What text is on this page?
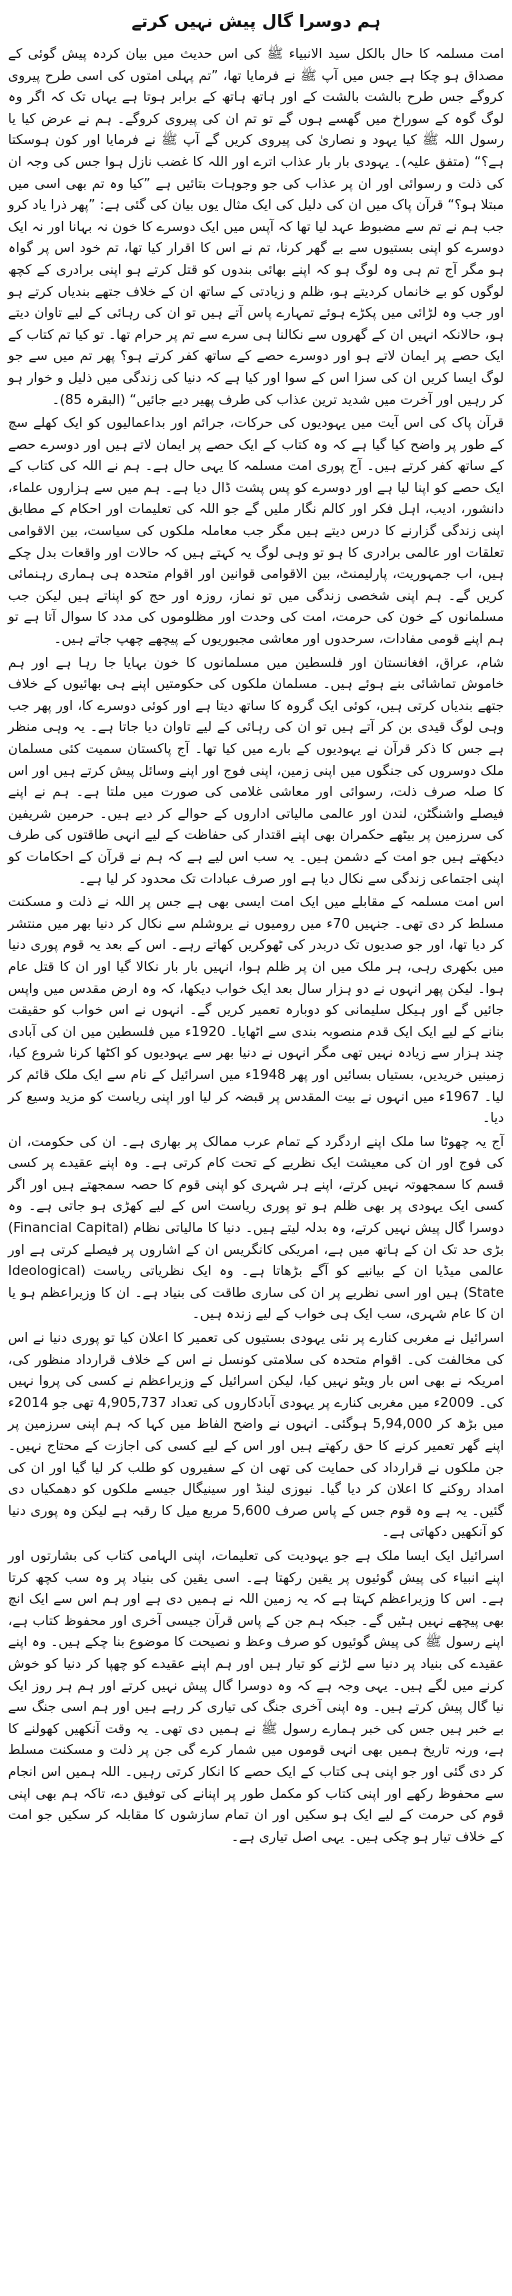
ہم دوسرا گال پیش نہیں کرتے

امت مسلمہ کا حال بالکل سید الانبیاء ﷺ کی اس حدیث میں بیان کردہ پیش گوئی کے مصداق ہو چکا ہے جس میں آپ ﷺ نے فرمایا تھا، ”تم پہلی امتوں کی اسی طرح پیروی کروگے جس طرح بالشت بالشت کے اور ہاتھ ہاتھ کے برابر ہوتا ہے یہاں تک کہ اگر وہ لوگ گوہ کے سوراخ میں گھسے ہوں گے تو تم ان کی پیروی کروگے۔ ہم نے عرض کیا یا رسول اللہ ﷺ کیا یہود و نصاریٰ کی پیروی کریں گے آپ ﷺ نے فرمایا اور کون ہوسکتا ہے؟“ (متفق علیہ)۔ یہودی بار بار عذاب اترے اور اللہ کا غضب نازل ہوا جس کی وجہ ان کی ذلت و رسوائی اور ان پر عذاب کی جو وجوہات بتائیں ہے ”کیا وہ تم بھی اسی میں مبتلا ہو؟“ قرآن پاک میں ان کی دلیل کی ایک مثال یوں بیان کی گئی ہے: ”پھر ذرا یاد کرو جب ہم نے تم سے مضبوط عہد لیا تھا کہ آپس میں ایک دوسرے کا خون نہ بہانا اور نہ ایک دوسرے کو اپنی بستیوں سے بے گھر کرنا، تم نے اس کا اقرار کیا تھا، تم خود اس پر گواہ ہو مگر آج تم ہی وہ لوگ ہو کہ اپنے بھائی بندوں کو قتل کرتے ہو اپنی برادری کے کچھ لوگوں کو بے خانماں کردیتے ہو، ظلم و زیادتی کے ساتھ ان کے خلاف جتھے بندیاں کرتے ہو اور جب وہ لڑائی میں پکڑے ہوئے تمہارے پاس آتے ہیں تو ان کی رہائی کے لیے تاوان دیتے ہو، حالانکہ انہیں ان کے گھروں سے نکالنا ہی سرے سے تم پر حرام تھا۔ تو کیا تم کتاب کے ایک حصے پر ایمان لاتے ہو اور دوسرے حصے کے ساتھ کفر کرتے ہو؟ پھر تم میں سے جو لوگ ایسا کریں ان کی سزا اس کے سوا اور کیا ہے کہ دنیا کی زندگی میں ذلیل و خوار ہو کر رہیں اور آخرت میں شدید ترین عذاب کی طرف پھیر دیے جائیں“ (البقرہ 85)۔

قرآن پاک کی اس آیت میں یہودیوں کی حرکات، جرائم اور بداعمالیوں کو ایک کھلے سچ کے طور پر واضح کیا گیا ہے کہ وہ کتاب کے ایک حصے پر ایمان لاتے ہیں اور دوسرے حصے کے ساتھ کفر کرتے ہیں۔ آج پوری امت مسلمہ کا یہی حال ہے۔ ہم نے اللہ کی کتاب کے ایک حصے کو اپنا لیا ہے اور دوسرے کو پس پشت ڈال دیا ہے۔ ہم میں سے ہزاروں علماء، دانشور، ادیب، اہل فکر اور کالم نگار ملیں گے جو اللہ کی تعلیمات اور احکام کے مطابق اپنی زندگی گزارنے کا درس دیتے ہیں مگر جب معاملہ ملکوں کی سیاست، بین الاقوامی تعلقات اور عالمی برادری کا ہو تو وہی لوگ یہ کہتے ہیں کہ حالات اور واقعات بدل چکے ہیں، اب جمہوریت، پارلیمنٹ، بین الاقوامی قوانین اور اقوام متحدہ ہی ہماری رہنمائی کریں گے۔ ہم اپنی شخصی زندگی میں تو نماز، روزہ اور حج کو اپناتے ہیں لیکن جب مسلمانوں کے خون کی حرمت، امت کی وحدت اور مظلوموں کی مدد کا سوال آتا ہے تو ہم اپنے قومی مفادات، سرحدوں اور معاشی مجبوریوں کے پیچھے چھپ جاتے ہیں۔

شام، عراق، افغانستان اور فلسطین میں مسلمانوں کا خون بہایا جا رہا ہے اور ہم خاموش تماشائی بنے ہوئے ہیں۔ مسلمان ملکوں کی حکومتیں اپنے ہی بھائیوں کے خلاف جتھے بندیاں کرتی ہیں، کوئی ایک گروہ کا ساتھ دیتا ہے اور کوئی دوسرے کا، اور پھر جب وہی لوگ قیدی بن کر آتے ہیں تو ان کی رہائی کے لیے تاوان دیا جاتا ہے۔ یہ وہی منظر ہے جس کا ذکر قرآن نے یہودیوں کے بارے میں کیا تھا۔ آج پاکستان سمیت کئی مسلمان ملک دوسروں کی جنگوں میں اپنی زمین، اپنی فوج اور اپنے وسائل پیش کرتے ہیں اور اس کا صلہ صرف ذلت، رسوائی اور معاشی غلامی کی صورت میں ملتا ہے۔ ہم نے اپنے فیصلے واشنگٹن، لندن اور عالمی مالیاتی اداروں کے حوالے کر دیے ہیں۔ حرمین شریفین کی سرزمین پر بیٹھے حکمران بھی اپنے اقتدار کی حفاظت کے لیے انہی طاقتوں کی طرف دیکھتے ہیں جو امت کے دشمن ہیں۔ یہ سب اس لیے ہے کہ ہم نے قرآن کے احکامات کو اپنی اجتماعی زندگی سے نکال دیا ہے اور صرف عبادات تک محدود کر لیا ہے۔

اس امت مسلمہ کے مقابلے میں ایک امت ایسی بھی ہے جس پر اللہ نے ذلت و مسکنت مسلط کر دی تھی۔ جنہیں 70ء میں رومیوں نے یروشلم سے نکال کر دنیا بھر میں منتشر کر دیا تھا، اور جو صدیوں تک دربدر کی ٹھوکریں کھاتے رہے۔ اس کے بعد یہ قوم پوری دنیا میں بکھری رہی، ہر ملک میں ان پر ظلم ہوا، انہیں بار بار نکالا گیا اور ان کا قتل عام ہوا۔ لیکن پھر انہوں نے دو ہزار سال بعد ایک خواب دیکھا، کہ وہ ارض مقدس میں واپس جائیں گے اور ہیکل سلیمانی کو دوبارہ تعمیر کریں گے۔ انہوں نے اس خواب کو حقیقت بنانے کے لیے ایک ایک قدم منصوبہ بندی سے اٹھایا۔ 1920ء میں فلسطین میں ان کی آبادی چند ہزار سے زیادہ نہیں تھی مگر انہوں نے دنیا بھر سے یہودیوں کو اکٹھا کرنا شروع کیا، زمینیں خریدیں، بستیاں بسائیں اور پھر 1948ء میں اسرائیل کے نام سے ایک ملک قائم کر لیا۔ 1967ء میں انہوں نے بیت المقدس پر قبضہ کر لیا اور اپنی ریاست کو مزید وسیع کر دیا۔

آج یہ چھوٹا سا ملک اپنے اردگرد کے تمام عرب ممالک پر بھاری ہے۔ ان کی حکومت، ان کی فوج اور ان کی معیشت ایک نظریے کے تحت کام کرتی ہے۔ وہ اپنے عقیدے پر کسی قسم کا سمجھوتہ نہیں کرتے، اپنے ہر شہری کو اپنی قوم کا حصہ سمجھتے ہیں اور اگر کسی ایک یہودی پر بھی ظلم ہو تو پوری ریاست اس کے لیے کھڑی ہو جاتی ہے۔ وہ دوسرا گال پیش نہیں کرتے، وہ بدلہ لیتے ہیں۔ دنیا کا مالیاتی نظام (Financial Capital) بڑی حد تک ان کے ہاتھ میں ہے، امریکی کانگریس ان کے اشاروں پر فیصلے کرتی ہے اور عالمی میڈیا ان کے بیانیے کو آگے بڑھاتا ہے۔ وہ ایک نظریاتی ریاست (Ideological State) ہیں اور اسی نظریے پر ان کی ساری طاقت کی بنیاد ہے۔ ان کا وزیراعظم ہو یا ان کا عام شہری، سب ایک ہی خواب کے لیے زندہ ہیں۔

اسرائیل نے مغربی کنارے پر نئی یہودی بستیوں کی تعمیر کا اعلان کیا تو پوری دنیا نے اس کی مخالفت کی۔ اقوام متحدہ کی سلامتی کونسل نے اس کے خلاف قرارداد منظور کی، امریکہ نے بھی اس بار ویٹو نہیں کیا، لیکن اسرائیل کے وزیراعظم نے کسی کی پروا نہیں کی۔ 2009ء میں مغربی کنارے پر یہودی آبادکاروں کی تعداد 4,905,737 تھی جو 2014ء میں بڑھ کر 5,94,000 ہوگئی۔ انہوں نے واضح الفاظ میں کہا کہ ہم اپنی سرزمین پر اپنے گھر تعمیر کرنے کا حق رکھتے ہیں اور اس کے لیے کسی کی اجازت کے محتاج نہیں۔ جن ملکوں نے قرارداد کی حمایت کی تھی ان کے سفیروں کو طلب کر لیا گیا اور ان کی امداد روکنے کا اعلان کر دیا گیا۔ نیوزی لینڈ اور سینیگال جیسے ملکوں کو دھمکیاں دی گئیں۔ یہ ہے وہ قوم جس کے پاس صرف 5,600 مربع میل کا رقبہ ہے لیکن وہ پوری دنیا کو آنکھیں دکھاتی ہے۔

اسرائیل ایک ایسا ملک ہے جو یہودیت کی تعلیمات، اپنی الہامی کتاب کی بشارتوں اور اپنے انبیاء کی پیش گوئیوں پر یقین رکھتا ہے۔ اسی یقین کی بنیاد پر وہ سب کچھ کرتا ہے۔ اس کا وزیراعظم کہتا ہے کہ یہ زمین اللہ نے ہمیں دی ہے اور ہم اس سے ایک انچ بھی پیچھے نہیں ہٹیں گے۔ جبکہ ہم جن کے پاس قرآن جیسی آخری اور محفوظ کتاب ہے، اپنے رسول ﷺ کی پیش گوئیوں کو صرف وعظ و نصیحت کا موضوع بنا چکے ہیں۔ وہ اپنے عقیدے کی بنیاد پر دنیا سے لڑنے کو تیار ہیں اور ہم اپنے عقیدے کو چھپا کر دنیا کو خوش کرنے میں لگے ہیں۔ یہی وجہ ہے کہ وہ دوسرا گال پیش نہیں کرتے اور ہم ہر روز ایک نیا گال پیش کرتے ہیں۔ وہ اپنی آخری جنگ کی تیاری کر رہے ہیں اور ہم اسی جنگ سے بے خبر ہیں جس کی خبر ہمارے رسول ﷺ نے ہمیں دی تھی۔ یہ وقت آنکھیں کھولنے کا ہے، ورنہ تاریخ ہمیں بھی انہی قوموں میں شمار کرے گی جن پر ذلت و مسکنت مسلط کر دی گئی اور جو اپنی ہی کتاب کے ایک حصے کا انکار کرتی رہیں۔ اللہ ہمیں اس انجام سے محفوظ رکھے اور اپنی کتاب کو مکمل طور پر اپنانے کی توفیق دے، تاکہ ہم بھی اپنی قوم کی حرمت کے لیے ایک ہو سکیں اور ان تمام سازشوں کا مقابلہ کر سکیں جو امت کے خلاف تیار ہو چکی ہیں۔ یہی اصل تیاری ہے۔
